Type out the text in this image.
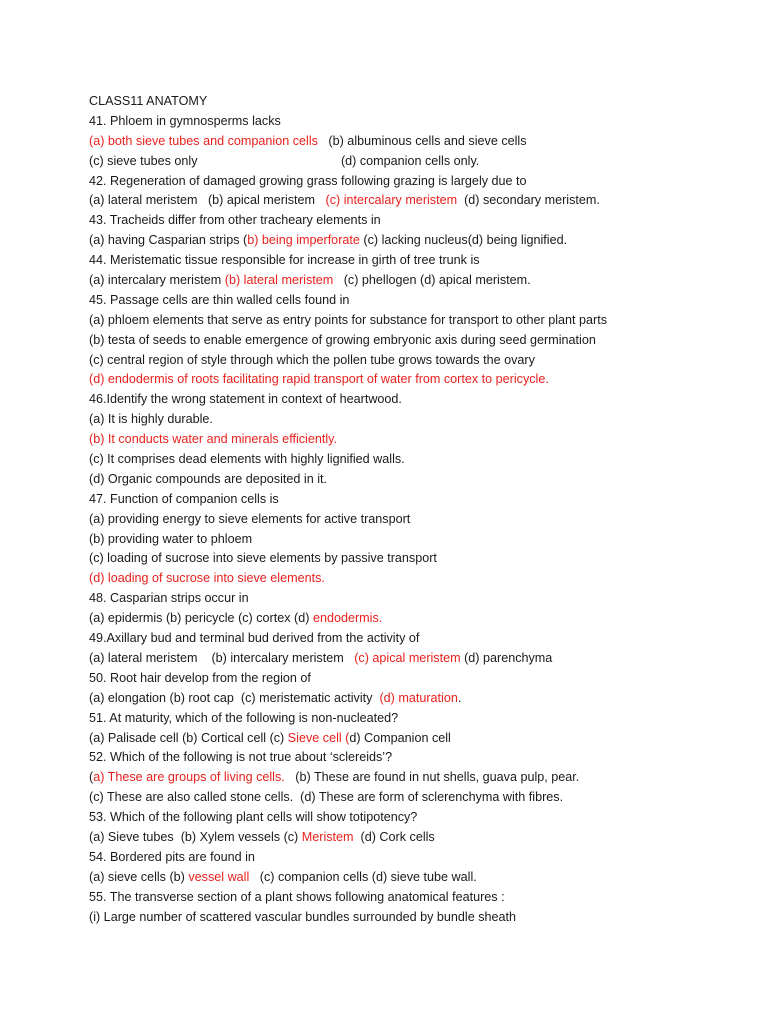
CLASS11 ANATOMY
41. Phloem in gymnosperms lacks
(a) both sieve tubes and companion cells   (b) albuminous cells and sieve cells
(c) sieve tubes only                                         (d) companion cells only.
42. Regeneration of damaged growing grass following grazing is largely due to
(a) lateral meristem   (b) apical meristem   (c) intercalary meristem  (d) secondary meristem.
43. Tracheids differ from other tracheary elements in
(a) having Casparian strips (b) being imperforate (c) lacking nucleus(d) being lignified.
44. Meristematic tissue responsible for increase in girth of tree trunk is
(a) intercalary meristem (b) lateral meristem   (c) phellogen (d) apical meristem.
45. Passage cells are thin walled cells found in
(a) phloem elements that serve as entry points for substance for transport to other plant parts
(b) testa of seeds to enable emergence of growing embryonic axis during seed germination
(c) central region of style through which the pollen tube grows towards the ovary
(d) endodermis of roots facilitating rapid transport of water from cortex to pericycle.
46.Identify the wrong statement in context of heartwood.
(a) It is highly durable.
(b) It conducts water and minerals efficiently.
(c) It comprises dead elements with highly lignified walls.
(d) Organic compounds are deposited in it.
47. Function of companion cells is
(a) providing energy to sieve elements for active transport
(b) providing water to phloem
(c) loading of sucrose into sieve elements by passive transport
(d) loading of sucrose into sieve elements.
48. Casparian strips occur in
(a) epidermis (b) pericycle (c) cortex (d) endodermis.
49.Axillary bud and terminal bud derived from the activity of
(a) lateral meristem    (b) intercalary meristem   (c) apical meristem (d) parenchyma
50. Root hair develop from the region of
(a) elongation (b) root cap  (c) meristematic activity  (d) maturation.
51. At maturity, which of the following is non-nucleated?
(a) Palisade cell (b) Cortical cell (c) Sieve cell (d) Companion cell
52. Which of the following is not true about ‘sclereids’?
(a) These are groups of living cells.   (b) These are found in nut shells, guava pulp, pear.
(c) These are also called stone cells.  (d) These are form of sclerenchyma with fibres.
53. Which of the following plant cells will show totipotency?
(a) Sieve tubes  (b) Xylem vessels (c) Meristem  (d) Cork cells
54. Bordered pits are found in
(a) sieve cells (b) vessel wall   (c) companion cells (d) sieve tube wall.
55. The transverse section of a plant shows following anatomical features :
(i) Large number of scattered vascular bundles surrounded by bundle sheath
